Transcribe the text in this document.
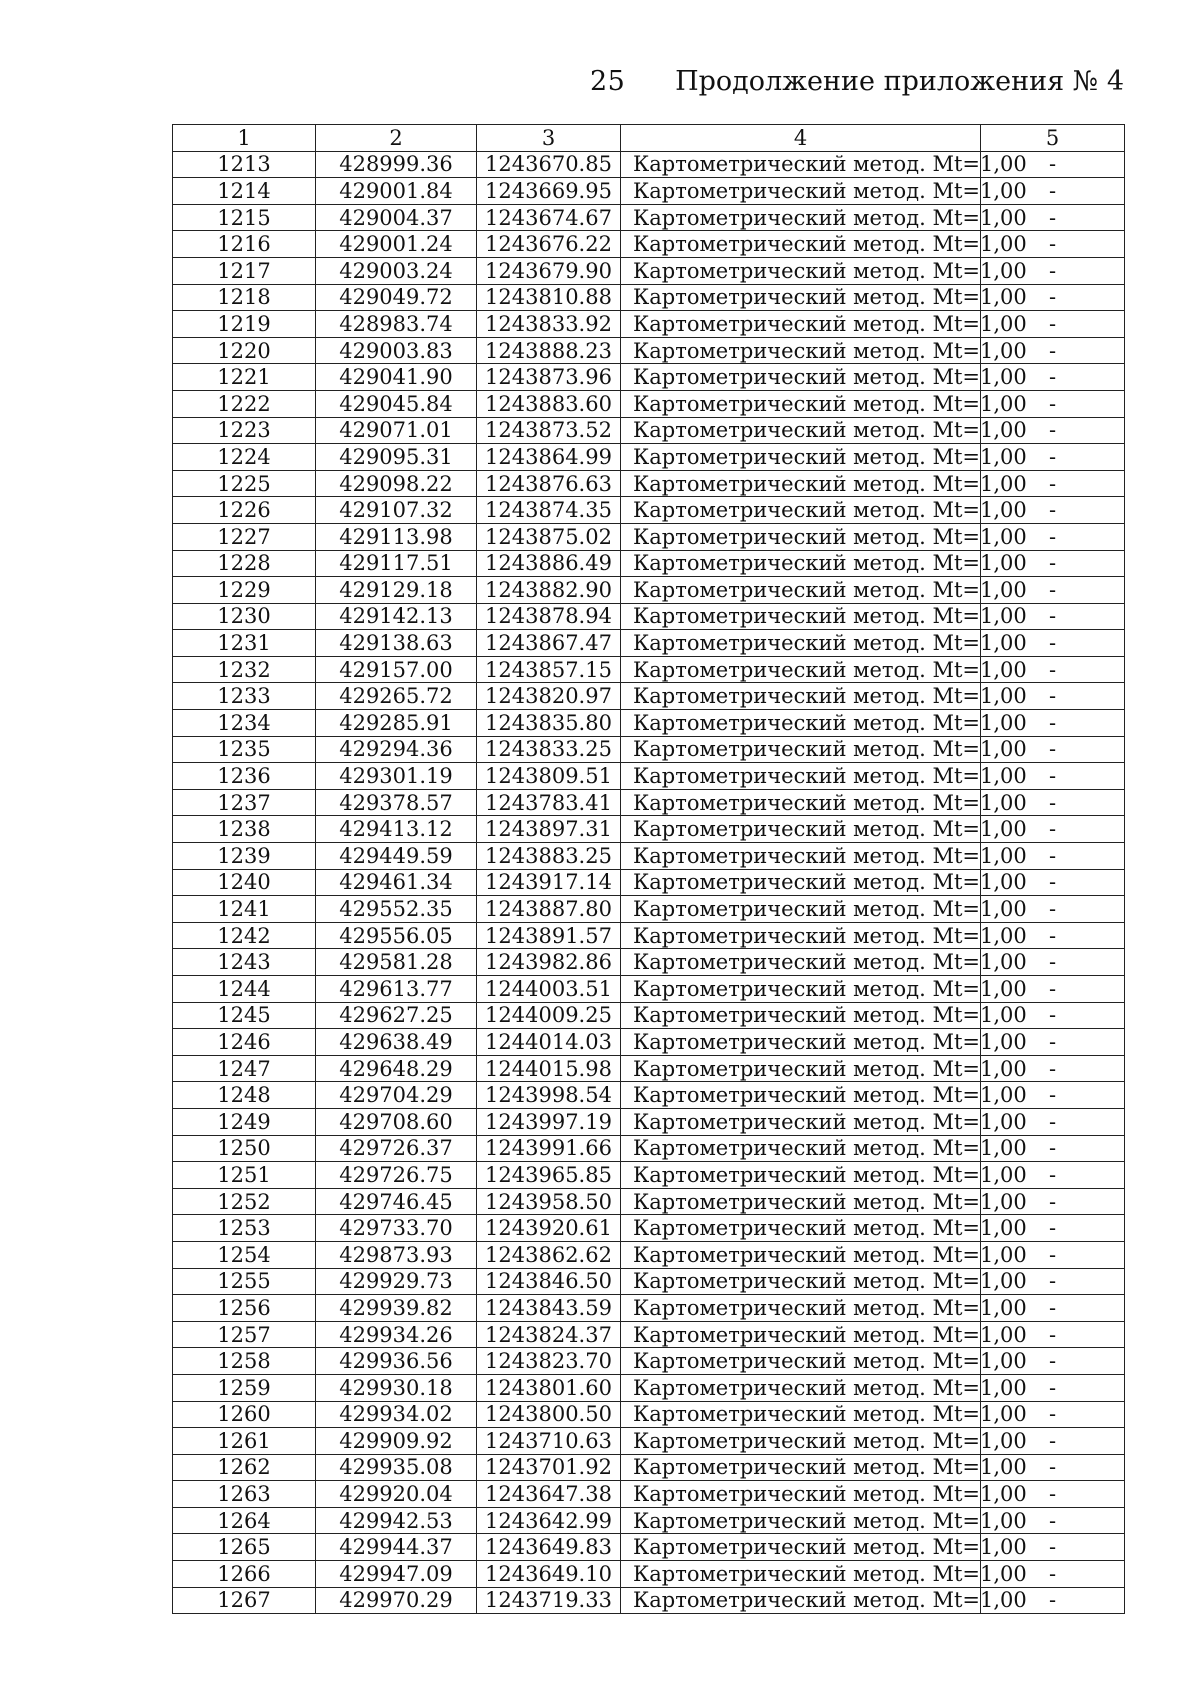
25 Продолжение приложения № 4
1	2	3	4	5
1213	428999.36	1243670.85	Картометрический метод. Mt=1,00	-
1214	429001.84	1243669.95	Картометрический метод. Mt=1,00	-
1215	429004.37	1243674.67	Картометрический метод. Mt=1,00	-
1216	429001.24	1243676.22	Картометрический метод. Mt=1,00	-
1217	429003.24	1243679.90	Картометрический метод. Mt=1,00	-
1218	429049.72	1243810.88	Картометрический метод. Mt=1,00	-
1219	428983.74	1243833.92	Картометрический метод. Mt=1,00	-
1220	429003.83	1243888.23	Картометрический метод. Mt=1,00	-
1221	429041.90	1243873.96	Картометрический метод. Mt=1,00	-
1222	429045.84	1243883.60	Картометрический метод. Mt=1,00	-
1223	429071.01	1243873.52	Картометрический метод. Mt=1,00	-
1224	429095.31	1243864.99	Картометрический метод. Mt=1,00	-
1225	429098.22	1243876.63	Картометрический метод. Mt=1,00	-
1226	429107.32	1243874.35	Картометрический метод. Mt=1,00	-
1227	429113.98	1243875.02	Картометрический метод. Mt=1,00	-
1228	429117.51	1243886.49	Картометрический метод. Mt=1,00	-
1229	429129.18	1243882.90	Картометрический метод. Mt=1,00	-
1230	429142.13	1243878.94	Картометрический метод. Mt=1,00	-
1231	429138.63	1243867.47	Картометрический метод. Mt=1,00	-
1232	429157.00	1243857.15	Картометрический метод. Mt=1,00	-
1233	429265.72	1243820.97	Картометрический метод. Mt=1,00	-
1234	429285.91	1243835.80	Картометрический метод. Mt=1,00	-
1235	429294.36	1243833.25	Картометрический метод. Mt=1,00	-
1236	429301.19	1243809.51	Картометрический метод. Mt=1,00	-
1237	429378.57	1243783.41	Картометрический метод. Mt=1,00	-
1238	429413.12	1243897.31	Картометрический метод. Mt=1,00	-
1239	429449.59	1243883.25	Картометрический метод. Mt=1,00	-
1240	429461.34	1243917.14	Картометрический метод. Mt=1,00	-
1241	429552.35	1243887.80	Картометрический метод. Mt=1,00	-
1242	429556.05	1243891.57	Картометрический метод. Mt=1,00	-
1243	429581.28	1243982.86	Картометрический метод. Mt=1,00	-
1244	429613.77	1244003.51	Картометрический метод. Mt=1,00	-
1245	429627.25	1244009.25	Картометрический метод. Mt=1,00	-
1246	429638.49	1244014.03	Картометрический метод. Mt=1,00	-
1247	429648.29	1244015.98	Картометрический метод. Mt=1,00	-
1248	429704.29	1243998.54	Картометрический метод. Mt=1,00	-
1249	429708.60	1243997.19	Картометрический метод. Mt=1,00	-
1250	429726.37	1243991.66	Картометрический метод. Mt=1,00	-
1251	429726.75	1243965.85	Картометрический метод. Mt=1,00	-
1252	429746.45	1243958.50	Картометрический метод. Mt=1,00	-
1253	429733.70	1243920.61	Картометрический метод. Mt=1,00	-
1254	429873.93	1243862.62	Картометрический метод. Mt=1,00	-
1255	429929.73	1243846.50	Картометрический метод. Mt=1,00	-
1256	429939.82	1243843.59	Картометрический метод. Mt=1,00	-
1257	429934.26	1243824.37	Картометрический метод. Mt=1,00	-
1258	429936.56	1243823.70	Картометрический метод. Mt=1,00	-
1259	429930.18	1243801.60	Картометрический метод. Mt=1,00	-
1260	429934.02	1243800.50	Картометрический метод. Mt=1,00	-
1261	429909.92	1243710.63	Картометрический метод. Mt=1,00	-
1262	429935.08	1243701.92	Картометрический метод. Mt=1,00	-
1263	429920.04	1243647.38	Картометрический метод. Mt=1,00	-
1264	429942.53	1243642.99	Картометрический метод. Mt=1,00	-
1265	429944.37	1243649.83	Картометрический метод. Mt=1,00	-
1266	429947.09	1243649.10	Картометрический метод. Mt=1,00	-
1267	429970.29	1243719.33	Картометрический метод. Mt=1,00	-
